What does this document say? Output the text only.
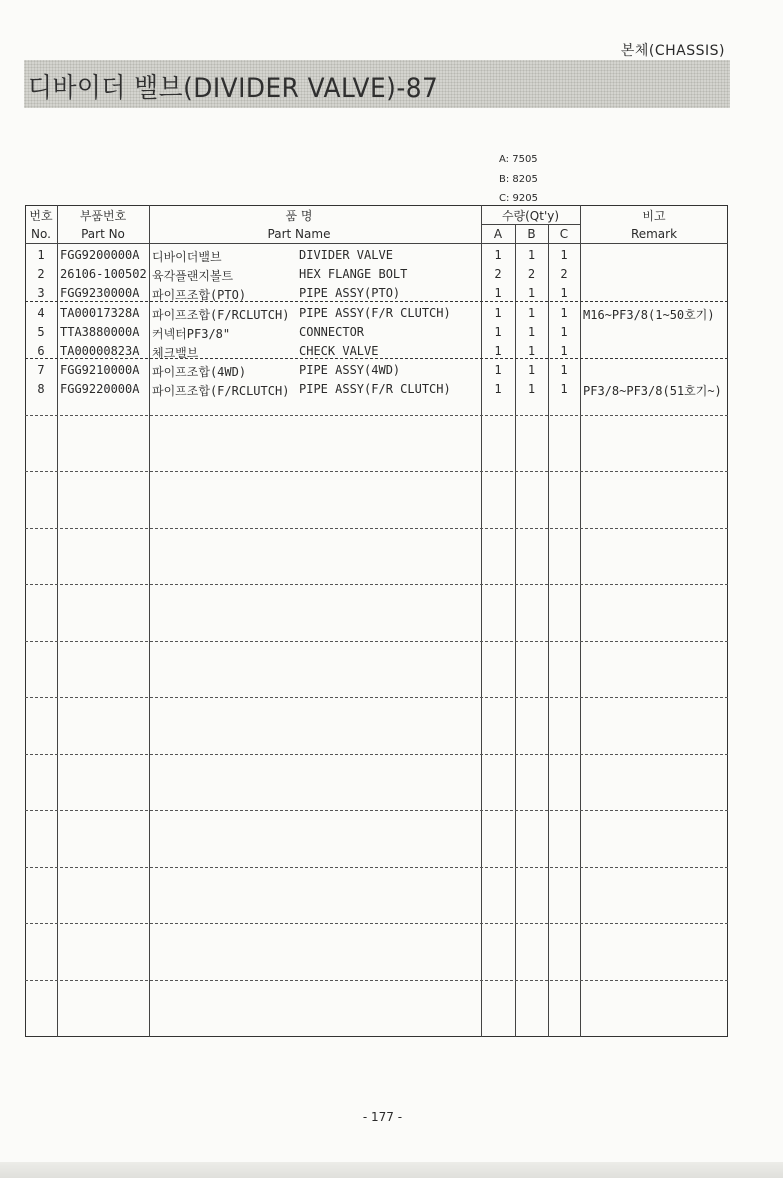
본체(CHASSIS)
디바이더 밸브(DIVIDER VALVE)-87
A: 7505
B: 8205
C: 9205
번호
No.
부품번호
Part No
품 명
Part Name
수량(Qt'y)
A	B	C
비고
Remark
1	FGG9200000A 디바이더밸브	DIVIDER VALVE	1	1	1
2	26106-100502 육각플랜지볼트	HEX FLANGE BOLT	2	2	2
3	FGG9230000A 파이프조합(PTO)	PIPE ASSY(PTO)	1	1	1
4	TA00017328A 파이프조합(F/RCLUTCH) PIPE ASSY(F/R CLUTCH)	1	1	1	M16~PF3/8(1~50호기)
5	TTA3880000A 커넥터PF3/8"	CONNECTOR	1	1	1
6	TA00000823A 체크밸브	CHECK VALVE	1	1	1
7	FGG9210000A 파이프조합(4WD)	PIPE ASSY(4WD)	1	1	1
8	FGG9220000A 파이프조합(F/RCLUTCH) PIPE ASSY(F/R CLUTCH)	1	1	1	PF3/8~PF3/8(51호기~)
- 177 -
